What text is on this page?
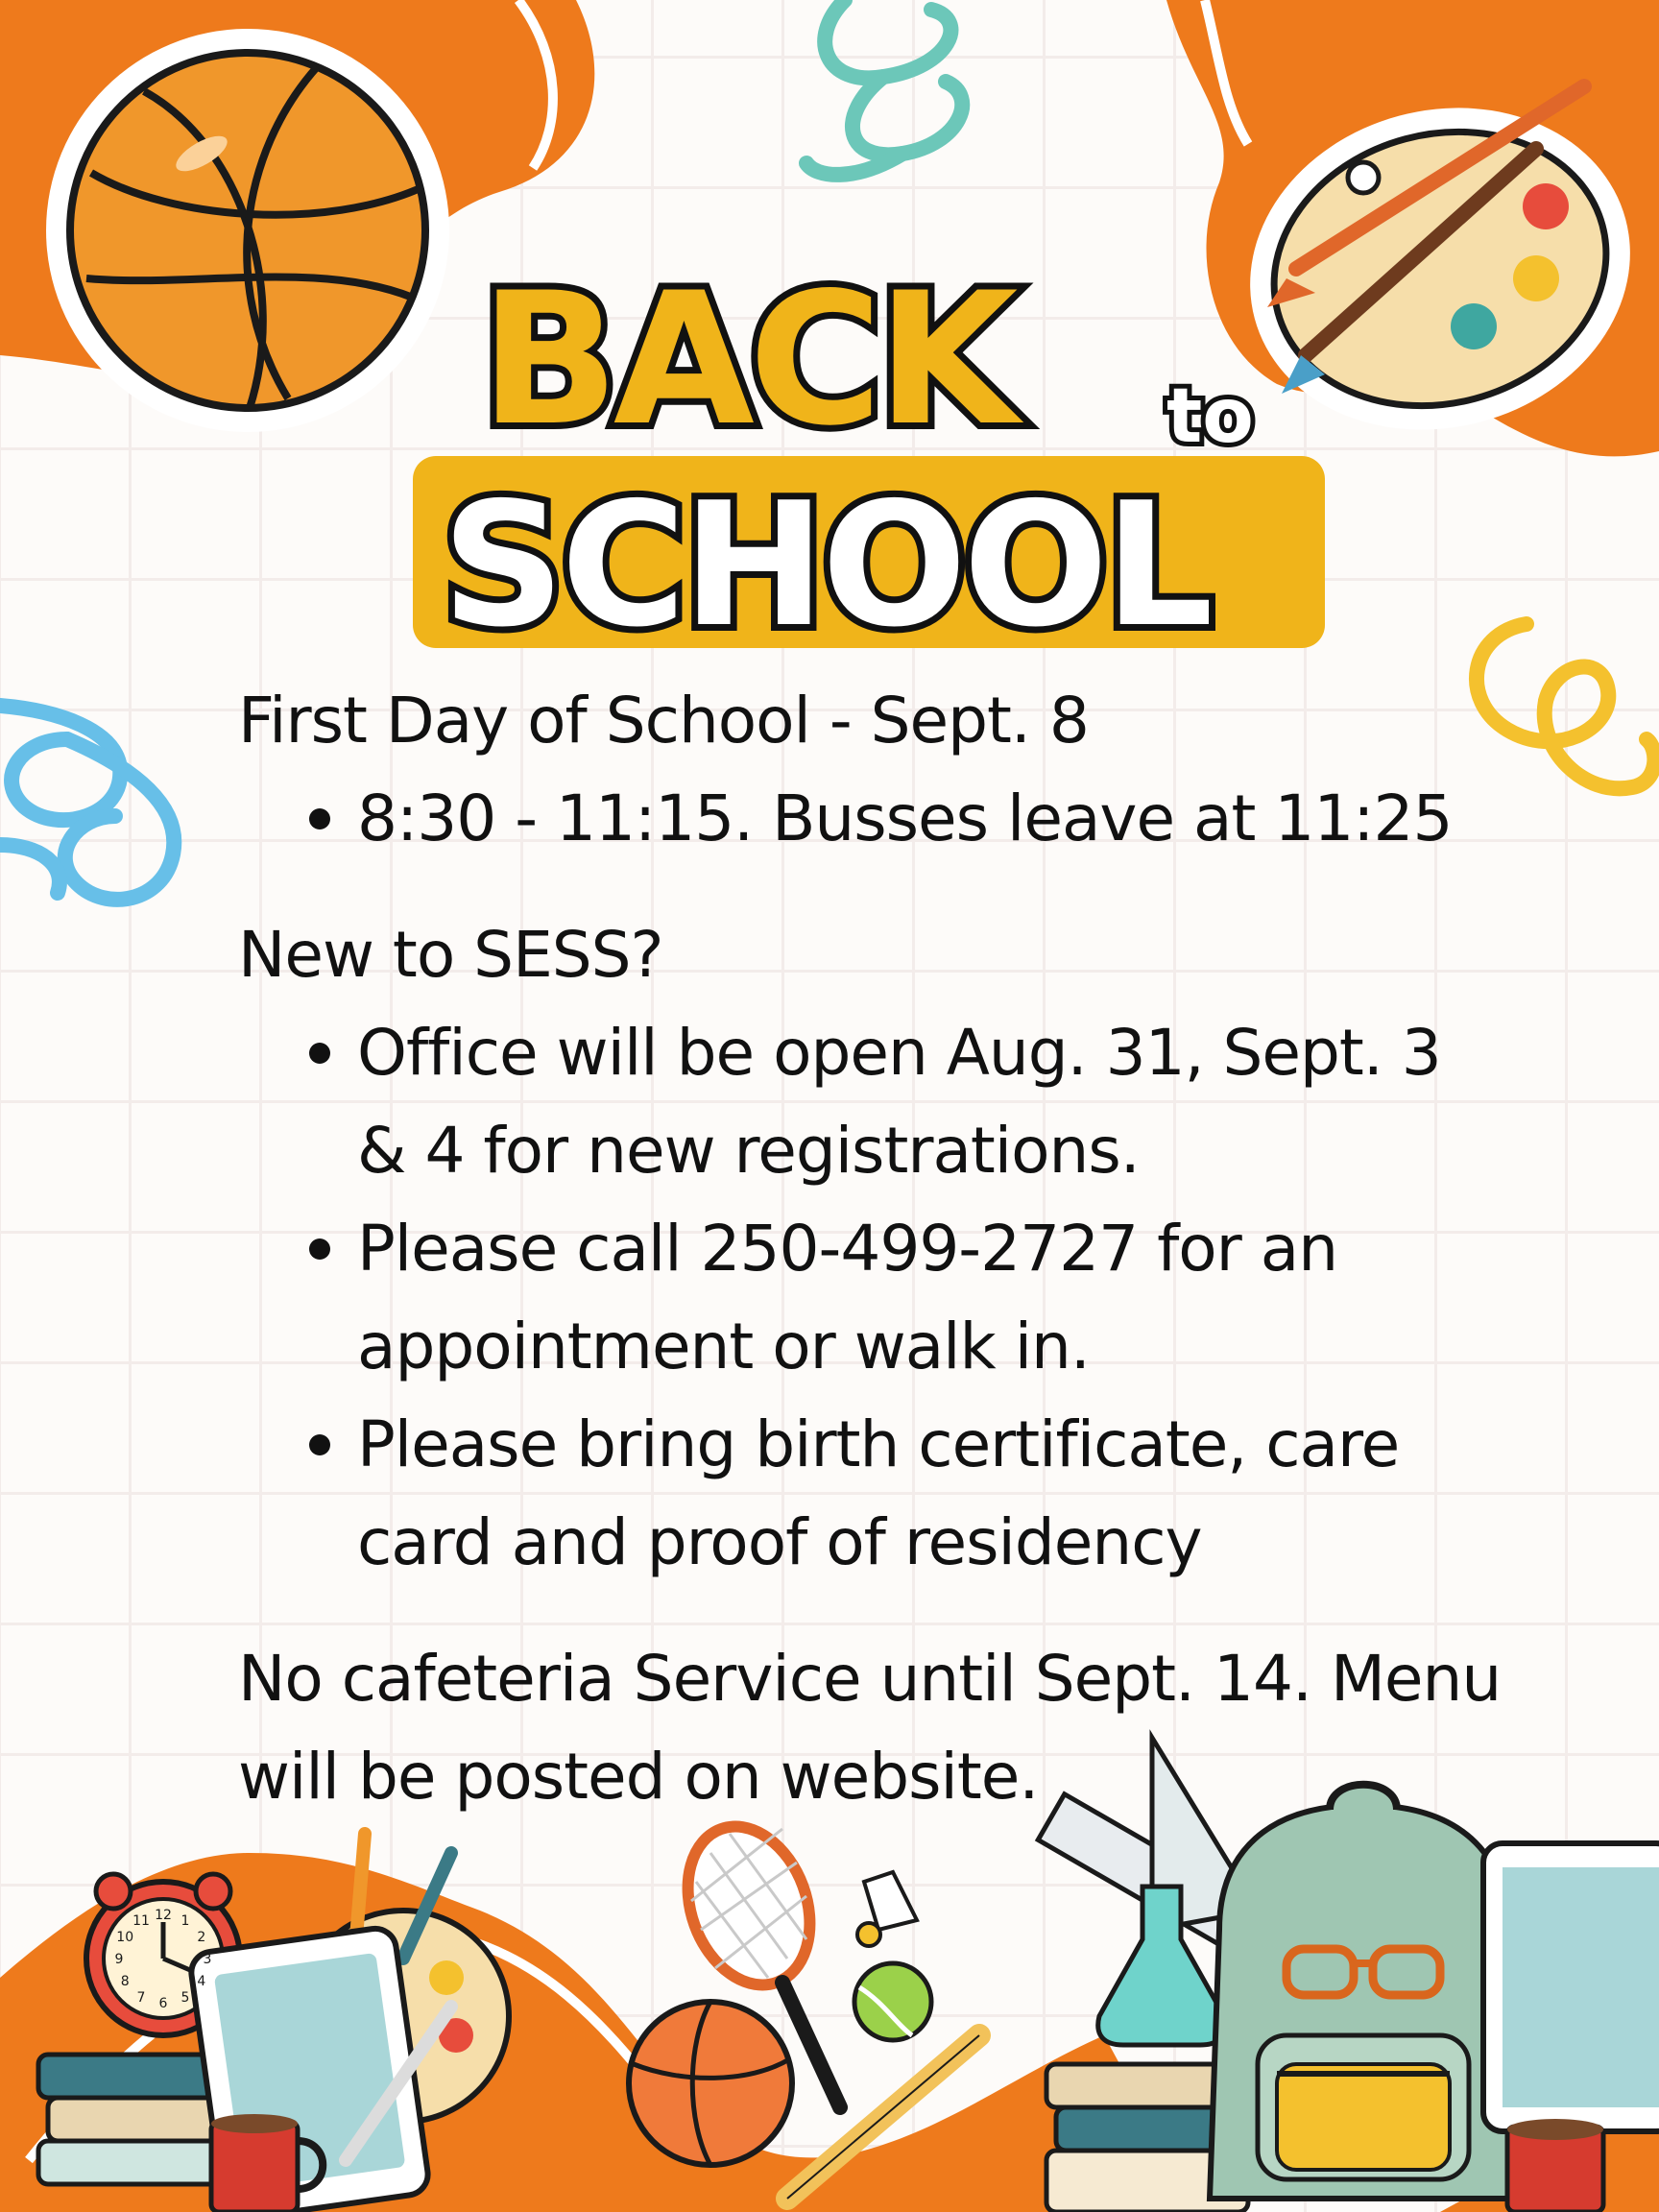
12 1
2
3
4
5
6
7
8
9
10
11
BACK to
SCHOOL

First Day of School - Sept. 8

8:30 - 11:15. Busses leave at 11:25

New to SESS?

Office will be open Aug. 31, Sept. 3 & 4 for new registrations.
Please call 250-499-2727 for an appointment or walk in.
Please bring birth certificate, care card and proof of residency

No cafeteria Service until Sept. 14. Menu will be posted on website.
